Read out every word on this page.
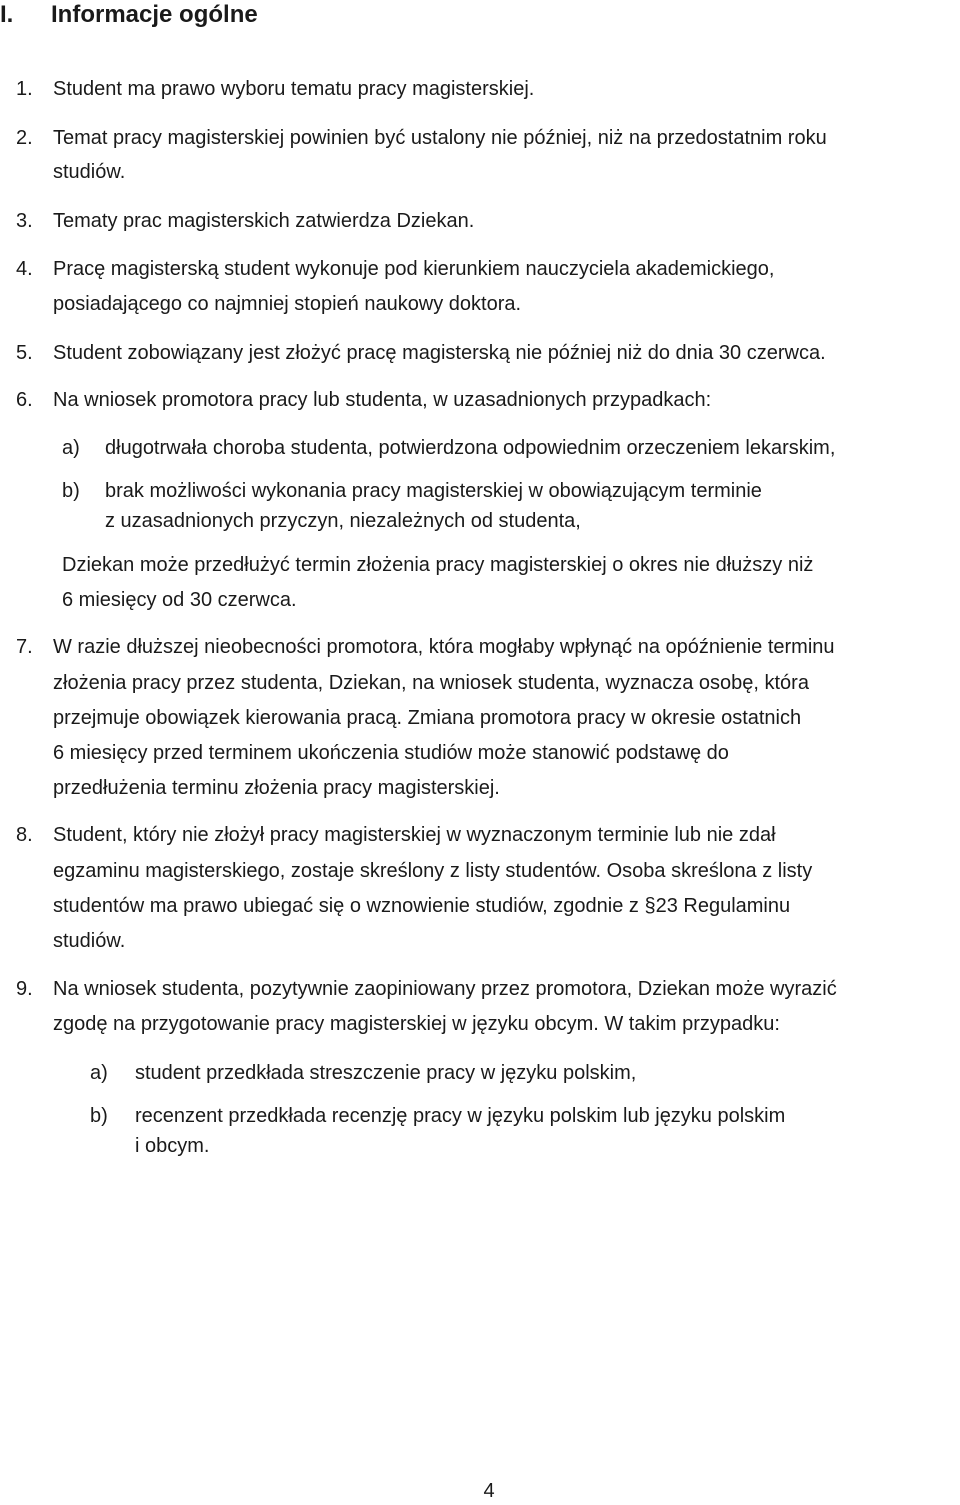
I. Informacje ogólne
1. Student ma prawo wyboru tematu pracy magisterskiej.
2. Temat pracy magisterskiej powinien być ustalony nie później, niż na przedostatnim roku
studiów.
3. Tematy prac magisterskich zatwierdza Dziekan.
4. Pracę magisterską student wykonuje pod kierunkiem nauczyciela akademickiego,
posiadającego co najmniej stopień naukowy doktora.
5. Student zobowiązany jest złożyć pracę magisterską nie później niż do dnia 30 czerwca.
6. Na wniosek promotora pracy lub studenta, w uzasadnionych przypadkach:
a) długotrwała choroba studenta, potwierdzona odpowiednim orzeczeniem lekarskim,
b) brak możliwości wykonania pracy magisterskiej w obowiązującym terminie
z uzasadnionych przyczyn, niezależnych od studenta,
Dziekan może przedłużyć termin złożenia pracy magisterskiej o okres nie dłuższy niż
6 miesięcy od 30 czerwca.
7. W razie dłuższej nieobecności promotora, która mogłaby wpłynąć na opóźnienie terminu
złożenia pracy przez studenta, Dziekan, na wniosek studenta, wyznacza osobę, która
przejmuje obowiązek kierowania pracą. Zmiana promotora pracy w okresie ostatnich
6 miesięcy przed terminem ukończenia studiów może stanowić podstawę do
przedłużenia terminu złożenia pracy magisterskiej.
8. Student, który nie złożył pracy magisterskiej w wyznaczonym terminie lub nie zdał
egzaminu magisterskiego, zostaje skreślony z listy studentów. Osoba skreślona z listy
studentów ma prawo ubiegać się o wznowienie studiów, zgodnie z §23 Regulaminu
studiów.
9. Na wniosek studenta, pozytywnie zaopiniowany przez promotora, Dziekan może wyrazić
zgodę na przygotowanie pracy magisterskiej w języku obcym. W takim przypadku:
a) student przedkłada streszczenie pracy w języku polskim,
b) recenzent przedkłada recenzję pracy w języku polskim lub języku polskim
i obcym.
4
